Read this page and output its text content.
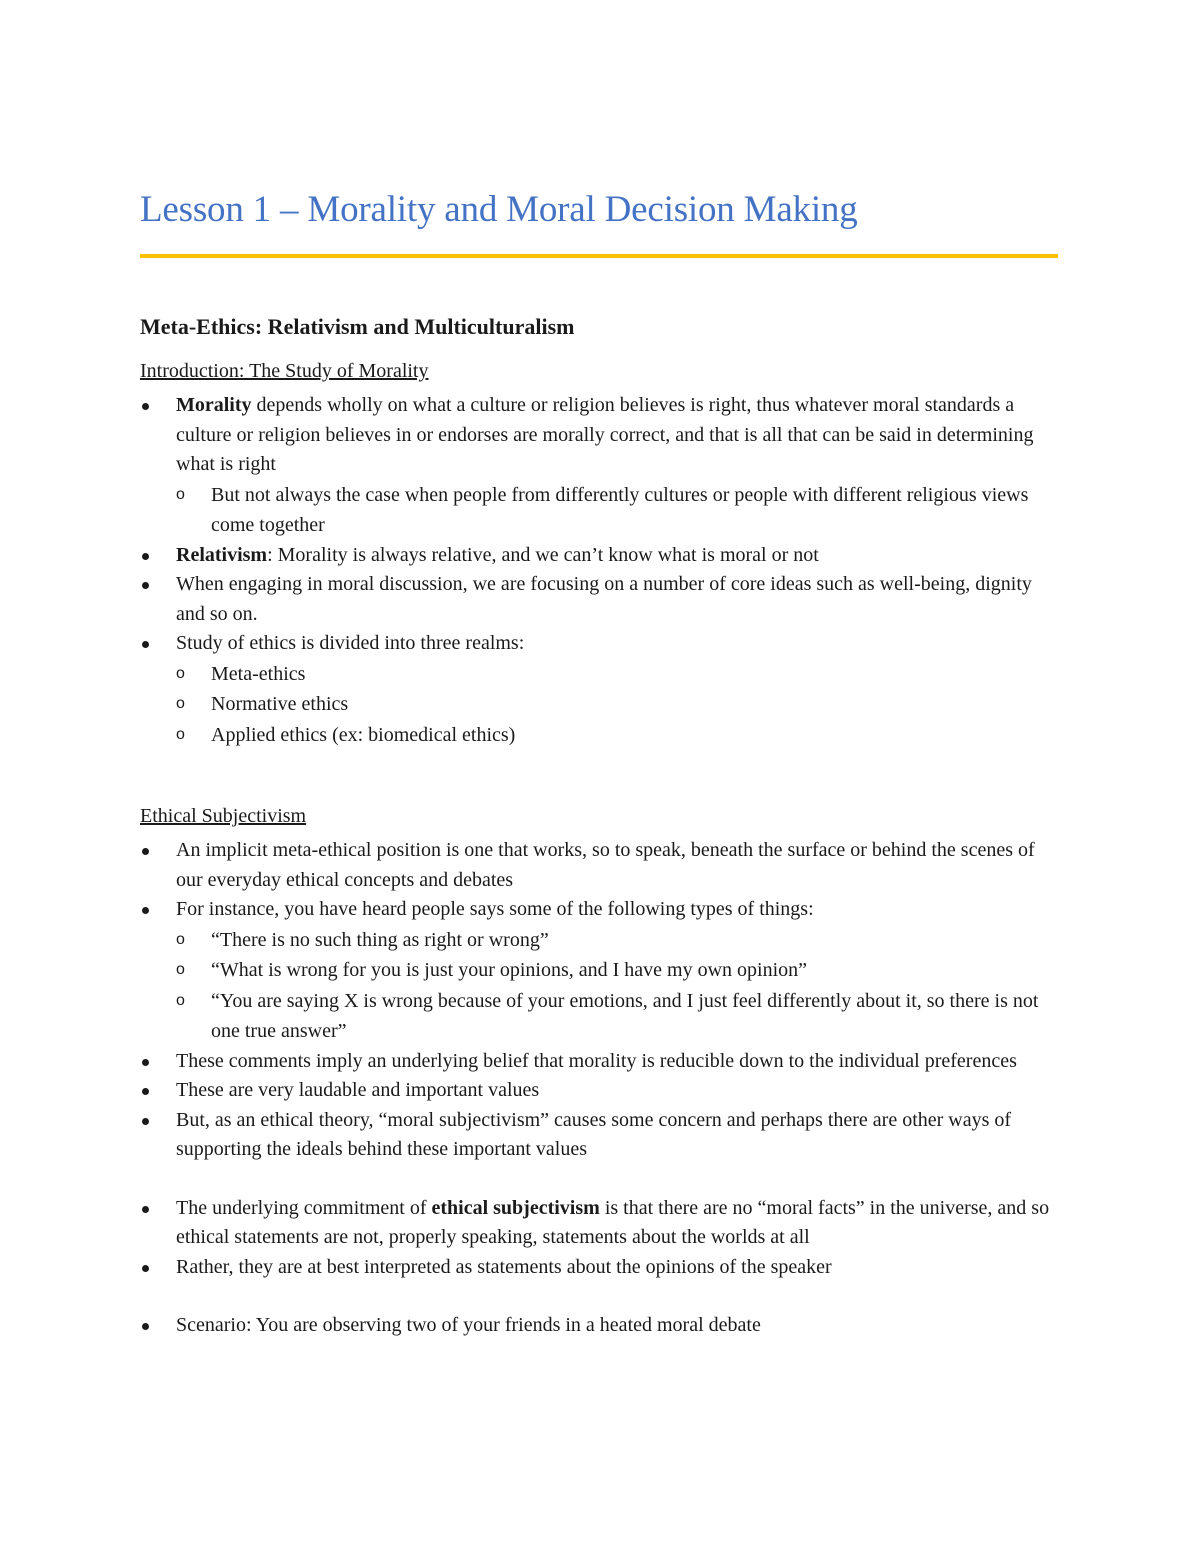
Lesson 1 – Morality and Moral Decision Making
Meta-Ethics: Relativism and Multiculturalism
Introduction: The Study of Morality
Morality depends wholly on what a culture or religion believes is right, thus whatever moral standards a culture or religion believes in or endorses are morally correct, and that is all that can be said in determining what is right
o But not always the case when people from differently cultures or people with different religious views come together
Relativism: Morality is always relative, and we can’t know what is moral or not
When engaging in moral discussion, we are focusing on a number of core ideas such as well-being, dignity and so on.
Study of ethics is divided into three realms:
o Meta-ethics
o Normative ethics
o Applied ethics (ex: biomedical ethics)
Ethical Subjectivism
An implicit meta-ethical position is one that works, so to speak, beneath the surface or behind the scenes of our everyday ethical concepts and debates
For instance, you have heard people says some of the following types of things:
o “There is no such thing as right or wrong”
o “What is wrong for you is just your opinions, and I have my own opinion”
o “You are saying X is wrong because of your emotions, and I just feel differently about it, so there is not one true answer”
These comments imply an underlying belief that morality is reducible down to the individual preferences
These are very laudable and important values
But, as an ethical theory, “moral subjectivism” causes some concern and perhaps there are other ways of supporting the ideals behind these important values
The underlying commitment of ethical subjectivism is that there are no “moral facts” in the universe, and so ethical statements are not, properly speaking, statements about the worlds at all
Rather, they are at best interpreted as statements about the opinions of the speaker
Scenario: You are observing two of your friends in a heated moral debate
